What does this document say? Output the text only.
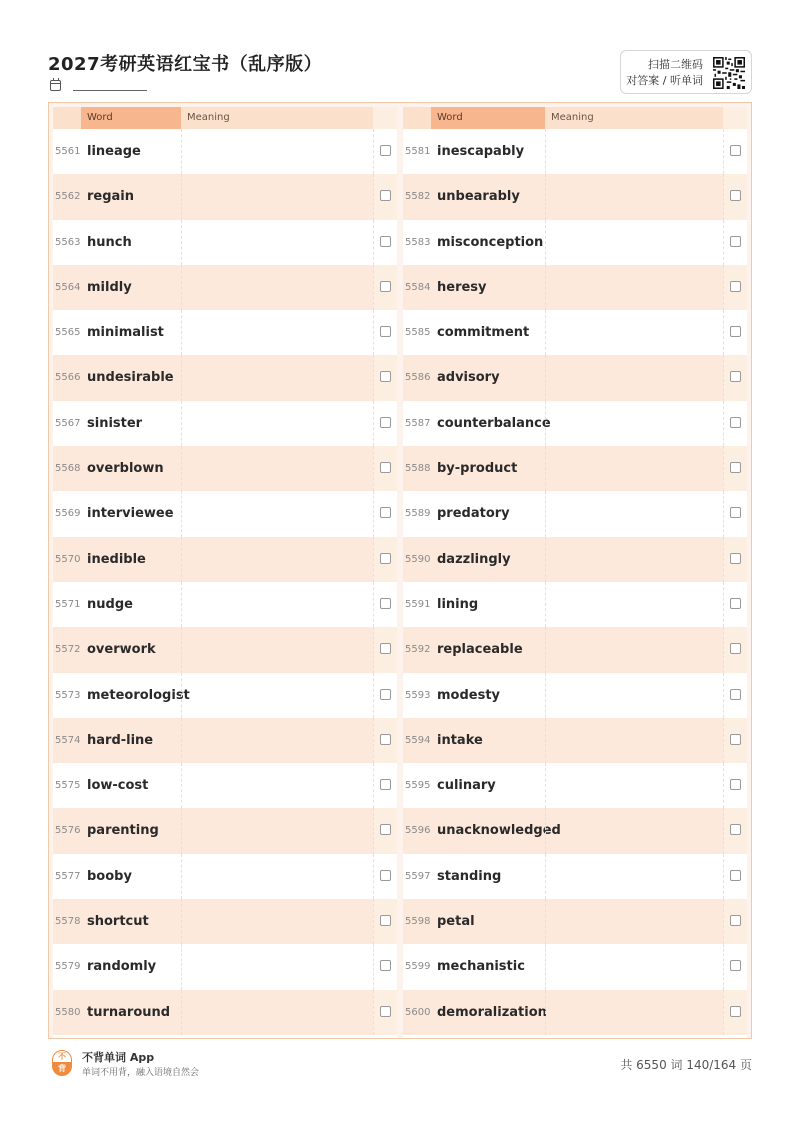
2027考研英语红宝书（乱序版）	扫描二维码
对答案 / 听单词
Word	Meaning
5561 lineage
5562 regain
5563 hunch
5564 mildly
5565 minimalist
5566 undesirable
5567 sinister
5568 overblown
5569 interviewee
5570 inedible
5571 nudge
5572 overwork
5573 meteorologist
5574 hard-line
5575 low-cost
5576 parenting
5577 booby
5578 shortcut
5579 randomly
5580 turnaround
Word	Meaning
5581 inescapably
5582 unbearably
5583 misconception
5584 heresy
5585 commitment
5586 advisory
5587 counterbalance
5588 by-product
5589 predatory
5590 dazzlingly
5591 lining
5592 replaceable
5593 modesty
5594 intake
5595 culinary
5596 unacknowledged
5597 standing
5598 petal
5599 mechanistic
5600 demoralization
不
背
不背单词 App
单词不用背，融入语境自然会
共 6550 词 140/164 页
